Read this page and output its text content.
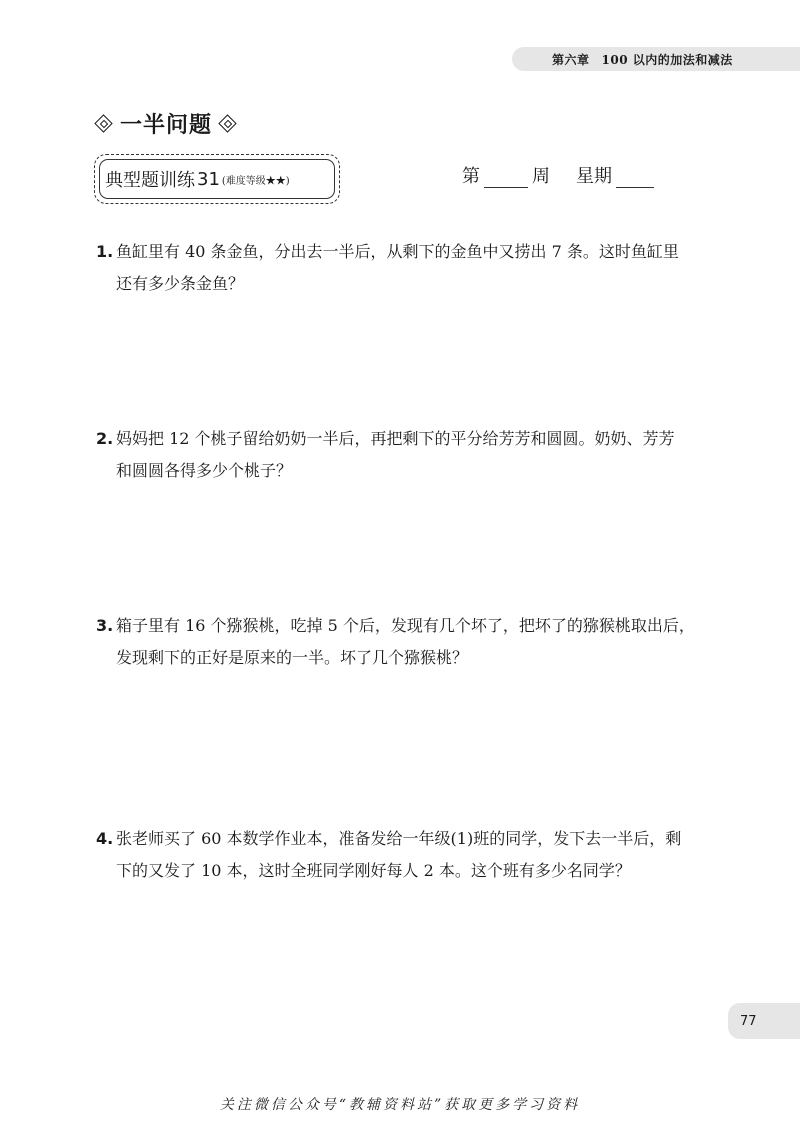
第六章 100 以内的加法和减法
一半问题
典型题训练 31 (难度等级★★)	第	周 星期
1. 鱼缸里有 40 条金鱼，分出去一半后，从剩下的金鱼中又捞出 7 条。这时鱼缸里
还有多少条金鱼？
2. 妈妈把 12 个桃子留给奶奶一半后，再把剩下的平分给芳芳和圆圆。奶奶、芳芳
和圆圆各得多少个桃子？
3. 箱子里有 16 个猕猴桃，吃掉 5 个后，发现有几个坏了，把坏了的猕猴桃取出后，
发现剩下的正好是原来的一半。坏了几个猕猴桃？
4. 张老师买了 60 本数学作业本，准备发给一年级(1)班的同学，发下去一半后，剩
下的又发了 10 本，这时全班同学刚好每人 2 本。这个班有多少名同学？
77
关注微信公众号“教辅资料站”获取更多学习资料
